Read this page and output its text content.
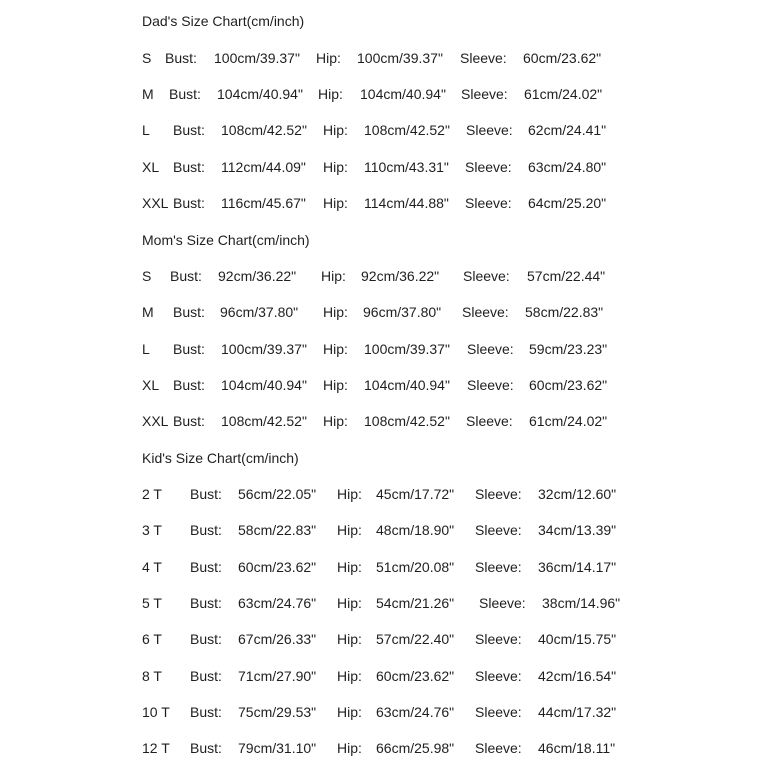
Dad's Size Chart(cm/inch)
S Bust: 100cm/39.37" Hip: 100cm/39.37" Sleeve: 60cm/23.62"
M Bust: 104cm/40.94" Hip: 104cm/40.94" Sleeve: 61cm/24.02"
L Bust: 108cm/42.52" Hip: 108cm/42.52" Sleeve: 62cm/24.41"
XL Bust: 112cm/44.09" Hip: 110cm/43.31" Sleeve: 63cm/24.80"
XXL Bust: 116cm/45.67" Hip: 114cm/44.88" Sleeve: 64cm/25.20"
Mom's Size Chart(cm/inch)
S Bust: 92cm/36.22" Hip: 92cm/36.22" Sleeve: 57cm/22.44"
M Bust: 96cm/37.80" Hip: 96cm/37.80" Sleeve: 58cm/22.83"
L Bust: 100cm/39.37" Hip: 100cm/39.37" Sleeve: 59cm/23.23"
XL Bust: 104cm/40.94" Hip: 104cm/40.94" Sleeve: 60cm/23.62"
XXL Bust: 108cm/42.52" Hip: 108cm/42.52" Sleeve: 61cm/24.02"
Kid's Size Chart(cm/inch)
2 T Bust: 56cm/22.05" Hip: 45cm/17.72" Sleeve: 32cm/12.60"
3 T Bust: 58cm/22.83" Hip: 48cm/18.90" Sleeve: 34cm/13.39"
4 T Bust: 60cm/23.62" Hip: 51cm/20.08" Sleeve: 36cm/14.17"
5 T Bust: 63cm/24.76" Hip: 54cm/21.26" Sleeve: 38cm/14.96"
6 T Bust: 67cm/26.33" Hip: 57cm/22.40" Sleeve: 40cm/15.75"
8 T Bust: 71cm/27.90" Hip: 60cm/23.62" Sleeve: 42cm/16.54"
10 T Bust: 75cm/29.53" Hip: 63cm/24.76" Sleeve: 44cm/17.32"
12 T Bust: 79cm/31.10" Hip: 66cm/25.98" Sleeve: 46cm/18.11"
